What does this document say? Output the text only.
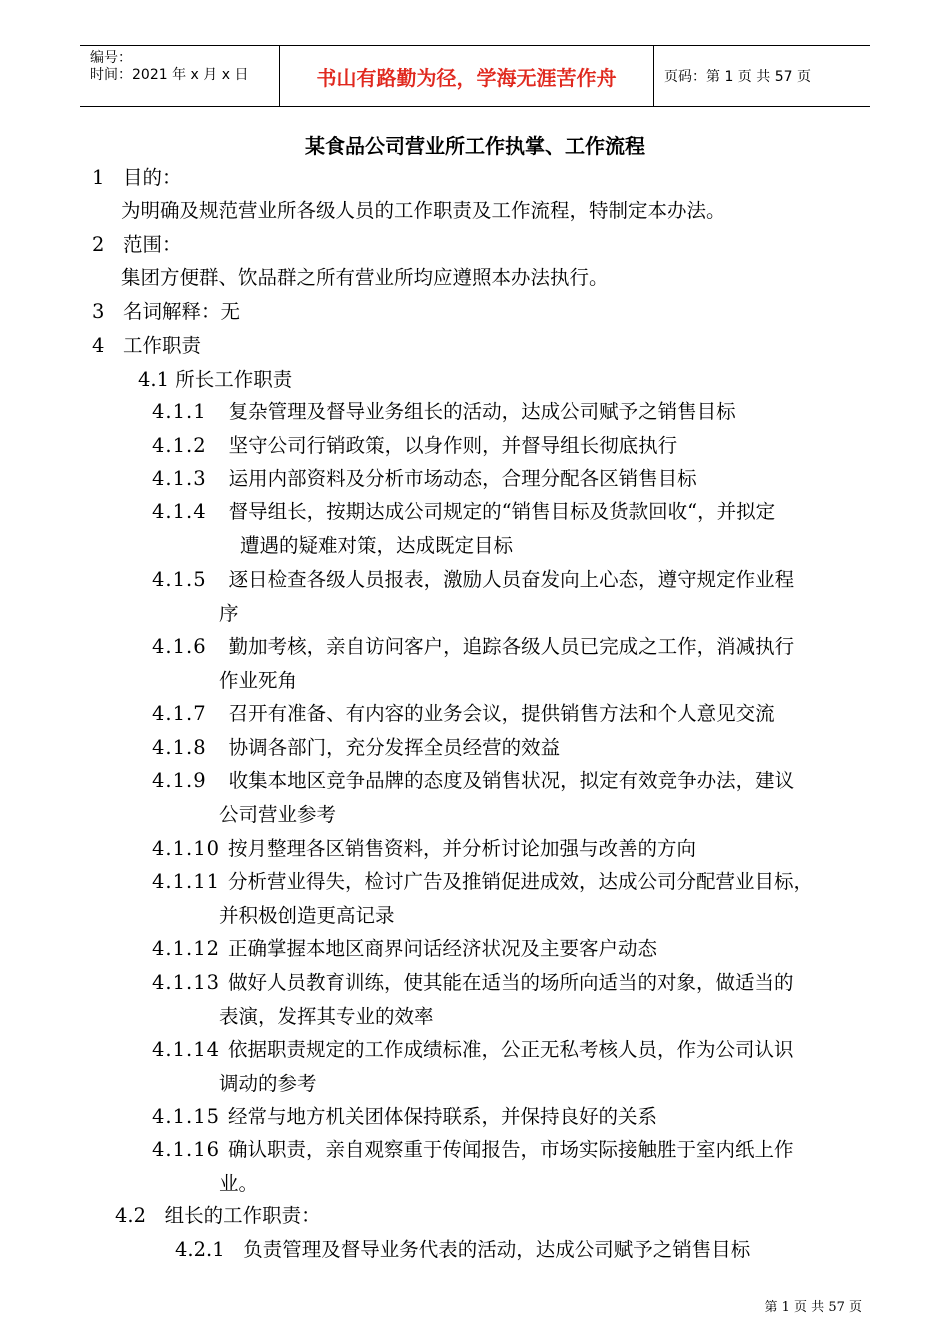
编号：
时间：2021 年 x 月 x 日	书山有路勤为径，学海无涯苦作舟	页码：第 1 页 共 57 页
某食品公司营业所工作执掌、工作流程
1 目的：
为明确及规范营业所各级人员的工作职责及工作流程，特制定本办法。
2 范围：
集团方便群、饮品群之所有营业所均应遵照本办法执行。
3 名词解释：无
4 工作职责
4.1 所长工作职责
4.1.1 复杂管理及督导业务组长的活动，达成公司赋予之销售目标
4.1.2 坚守公司行销政策，以身作则，并督导组长彻底执行
4.1.3 运用内部资料及分析市场动态，合理分配各区销售目标
4.1.4 督导组长，按期达成公司规定的“销售目标及货款回收“，并拟定
遭遇的疑难对策，达成既定目标
4.1.5 逐日检查各级人员报表，激励人员奋发向上心态，遵守规定作业程
序
4.1.6 勤加考核，亲自访问客户，追踪各级人员已完成之工作，消减执行
作业死角
4.1.7 召开有准备、有内容的业务会议，提供销售方法和个人意见交流
4.1.8 协调各部门，充分发挥全员经营的效益
4.1.9 收集本地区竞争品牌的态度及销售状况，拟定有效竞争办法，建议
公司营业参考
4.1.10 按月整理各区销售资料，并分析讨论加强与改善的方向
4.1.11 分析营业得失，检讨广告及推销促进成效，达成公司分配营业目标，
并积极创造更高记录
4.1.12 正确掌握本地区商界问话经济状况及主要客户动态
4.1.13 做好人员教育训练，使其能在适当的场所向适当的对象，做适当的
表演，发挥其专业的效率
4.1.14 依据职责规定的工作成绩标准，公正无私考核人员，作为公司认识
调动的参考
4.1.15 经常与地方机关团体保持联系，并保持良好的关系
4.1.16 确认职责，亲自观察重于传闻报告，市场实际接触胜于室内纸上作
业。
4.2 组长的工作职责：
4.2.1 负责管理及督导业务代表的活动，达成公司赋予之销售目标
第 1 页 共 57 页
